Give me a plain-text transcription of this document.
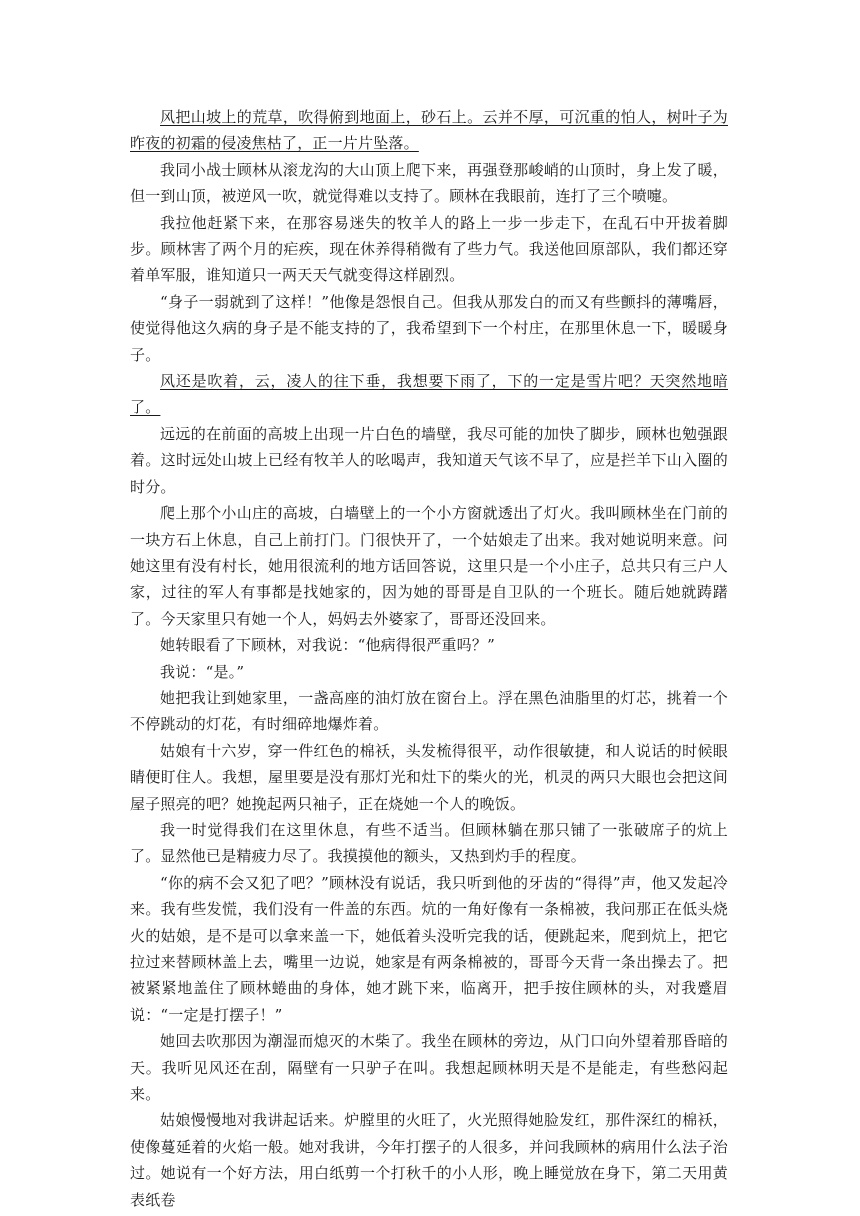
风把山坡上的荒草，吹得俯到地面上，砂石上。云并不厚，可沉重的怕人，树叶子为昨夜的初霜的侵凌焦枯了，正一片片坠落。

我同小战士顾林从滚龙沟的大山顶上爬下来，再强登那峻峭的山顶时，身上发了暖，但一到山顶，被逆风一吹，就觉得难以支持了。顾林在我眼前，连打了三个喷嚏。

我拉他赶紧下来，在那容易迷失的牧羊人的路上一步一步走下，在乱石中开拔着脚步。顾林害了两个月的疟疾，现在休养得稍微有了些力气。我送他回原部队，我们都还穿着单军服，谁知道只一两天天气就变得这样剧烈。

“身子一弱就到了这样！”他像是怨恨自己。但我从那发白的而又有些颤抖的薄嘴唇，使觉得他这久病的身子是不能支持的了，我希望到下一个村庄，在那里休息一下，暖暖身子。

风还是吹着，云，凌人的往下垂，我想要下雨了，下的一定是雪片吧？天突然地暗了。

远远的在前面的高坡上出现一片白色的墙壁，我尽可能的加快了脚步，顾林也勉强跟着。这时远处山坡上已经有牧羊人的吆喝声，我知道天气该不早了，应是拦羊下山入圈的时分。

爬上那个小山庄的高坡，白墙壁上的一个小方窗就透出了灯火。我叫顾林坐在门前的一块方石上休息，自己上前打门。门很快开了，一个姑娘走了出来。我对她说明来意。问她这里有没有村长，她用很流利的地方话回答说，这里只是一个小庄子，总共只有三户人家，过往的军人有事都是找她家的，因为她的哥哥是自卫队的一个班长。随后她就踌躇了。今天家里只有她一个人，妈妈去外婆家了，哥哥还没回来。

她转眼看了下顾林，对我说：“他病得很严重吗？”

我说：“是。”

她把我让到她家里，一盏高座的油灯放在窗台上。浮在黑色油脂里的灯芯，挑着一个不停跳动的灯花，有时细碎地爆炸着。

姑娘有十六岁，穿一件红色的棉袄，头发梳得很平，动作很敏捷，和人说话的时候眼睛便盯住人。我想，屋里要是没有那灯光和灶下的柴火的光，机灵的两只大眼也会把这间屋子照亮的吧？她挽起两只袖子，正在烧她一个人的晚饭。

我一时觉得我们在这里休息，有些不适当。但顾林躺在那只铺了一张破席子的炕上了。显然他已是精疲力尽了。我摸摸他的额头，又热到灼手的程度。

“你的病不会又犯了吧？”顾林没有说话，我只听到他的牙齿的“得得”声，他又发起冷来。我有些发慌，我们没有一件盖的东西。炕的一角好像有一条棉被，我问那正在低头烧火的姑娘，是不是可以拿来盖一下，她低着头没听完我的话，便跳起来，爬到炕上，把它拉过来替顾林盖上去，嘴里一边说，她家是有两条棉被的，哥哥今天背一条出操去了。把被紧紧地盖住了顾林蜷曲的身体，她才跳下来，临离开，把手按住顾林的头，对我蹙眉说：“一定是打摆子！”

她回去吹那因为潮湿而熄灭的木柴了。我坐在顾林的旁边，从门口向外望着那昏暗的天。我听见风还在刮，隔壁有一只驴子在叫。我想起顾林明天是不是能走，有些愁闷起来。

姑娘慢慢地对我讲起话来。炉膛里的火旺了，火光照得她脸发红，那件深红的棉袄，使像蔓延着的火焰一般。她对我讲，今年打摆子的人很多，并问我顾林的病用什么法子治过。她说有一个好方法，用白纸剪一个打秋千的小人形，晚上睡觉放在身下，第二天用黄表纸卷
